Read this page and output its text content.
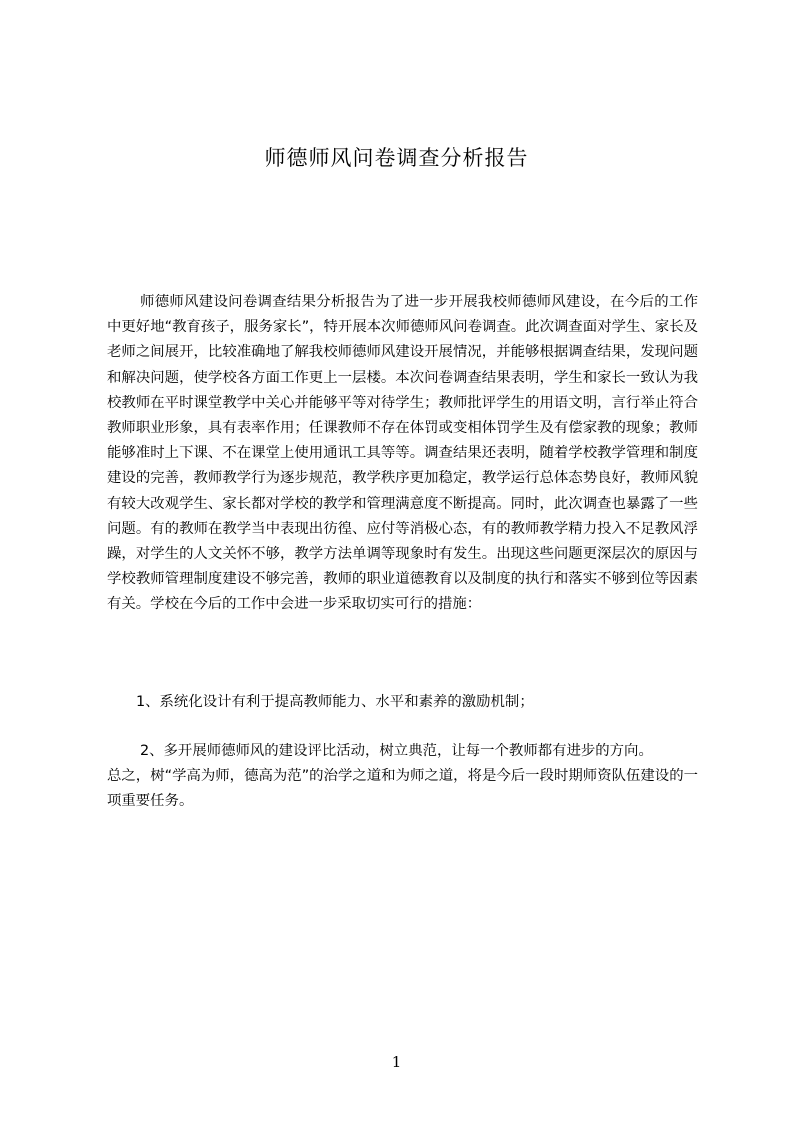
师德师风问卷调查分析报告

师德师风建设问卷调查结果分析报告为了进一步开展我校师德师风建设，在今后的工作中更好地“教育孩子，服务家长”，特开展本次师德师风问卷调查。此次调查面对学生、家长及老师之间展开，比较准确地了解我校师德师风建设开展情况，并能够根据调查结果，发现问题和解决问题，使学校各方面工作更上一层楼。本次问卷调查结果表明，学生和家长一致认为我校教师在平时课堂教学中关心并能够平等对待学生；教师批评学生的用语文明，言行举止符合教师职业形象，具有表率作用；任课教师不存在体罚或变相体罚学生及有偿家教的现象；教师能够准时上下课、不在课堂上使用通讯工具等等。调查结果还表明，随着学校教学管理和制度建设的完善，教师教学行为逐步规范，教学秩序更加稳定，教学运行总体态势良好，教师风貌有较大改观学生、家长都对学校的教学和管理满意度不断提高。同时，此次调查也暴露了一些问题。有的教师在教学当中表现出彷徨、应付等消极心态，有的教师教学精力投入不足教风浮躁，对学生的人文关怀不够，教学方法单调等现象时有发生。出现这些问题更深层次的原因与学校教师管理制度建设不够完善，教师的职业道德教育以及制度的执行和落实不够到位等因素有关。学校在今后的工作中会进一步采取切实可行的措施：

1、系统化设计有利于提高教师能力、水平和素养的激励机制；
2、多开展师德师风的建设评比活动，树立典范，让每一个教师都有进步的方向。
总之，树“学高为师，德高为范”的治学之道和为师之道，将是今后一段时期师资队伍建设的一项重要任务。
1
